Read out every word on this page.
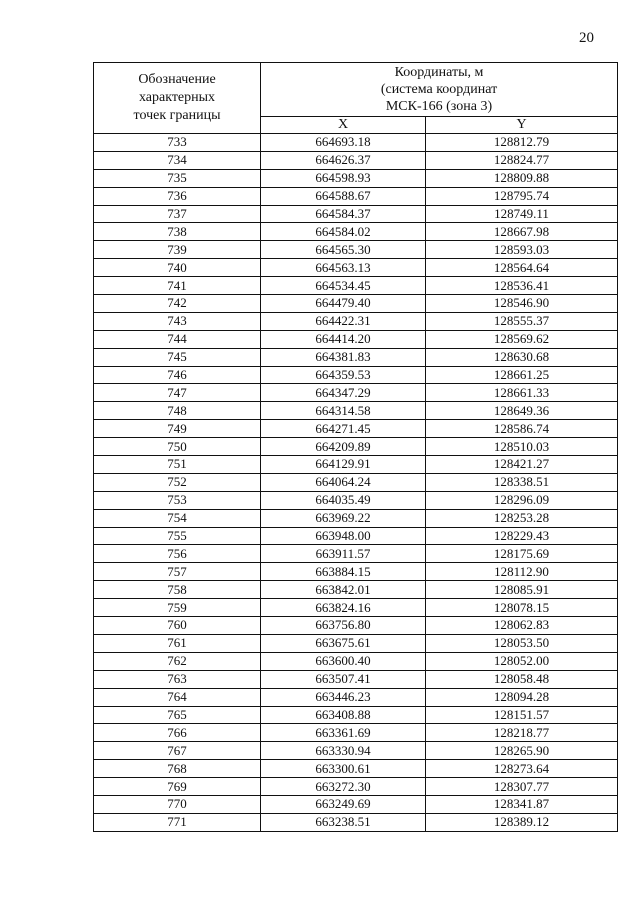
20
Обозначение
характерных
точек границы	Координаты, м
(система координат
МСК-166 (зона 3)	

	X	Y
733	664693.18	128812.79
734	664626.37	128824.77
735	664598.93	128809.88
736	664588.67	128795.74
737	664584.37	128749.11
738	664584.02	128667.98
739	664565.30	128593.03
740	664563.13	128564.64
741	664534.45	128536.41
742	664479.40	128546.90
743	664422.31	128555.37
744	664414.20	128569.62
745	664381.83	128630.68
746	664359.53	128661.25
747	664347.29	128661.33
748	664314.58	128649.36
749	664271.45	128586.74
750	664209.89	128510.03
751	664129.91	128421.27
752	664064.24	128338.51
753	664035.49	128296.09
754	663969.22	128253.28
755	663948.00	128229.43
756	663911.57	128175.69
757	663884.15	128112.90
758	663842.01	128085.91
759	663824.16	128078.15
760	663756.80	128062.83
761	663675.61	128053.50
762	663600.40	128052.00
763	663507.41	128058.48
764	663446.23	128094.28
765	663408.88	128151.57
766	663361.69	128218.77
767	663330.94	128265.90
768	663300.61	128273.64
769	663272.30	128307.77
770	663249.69	128341.87
771	663238.51	128389.12
